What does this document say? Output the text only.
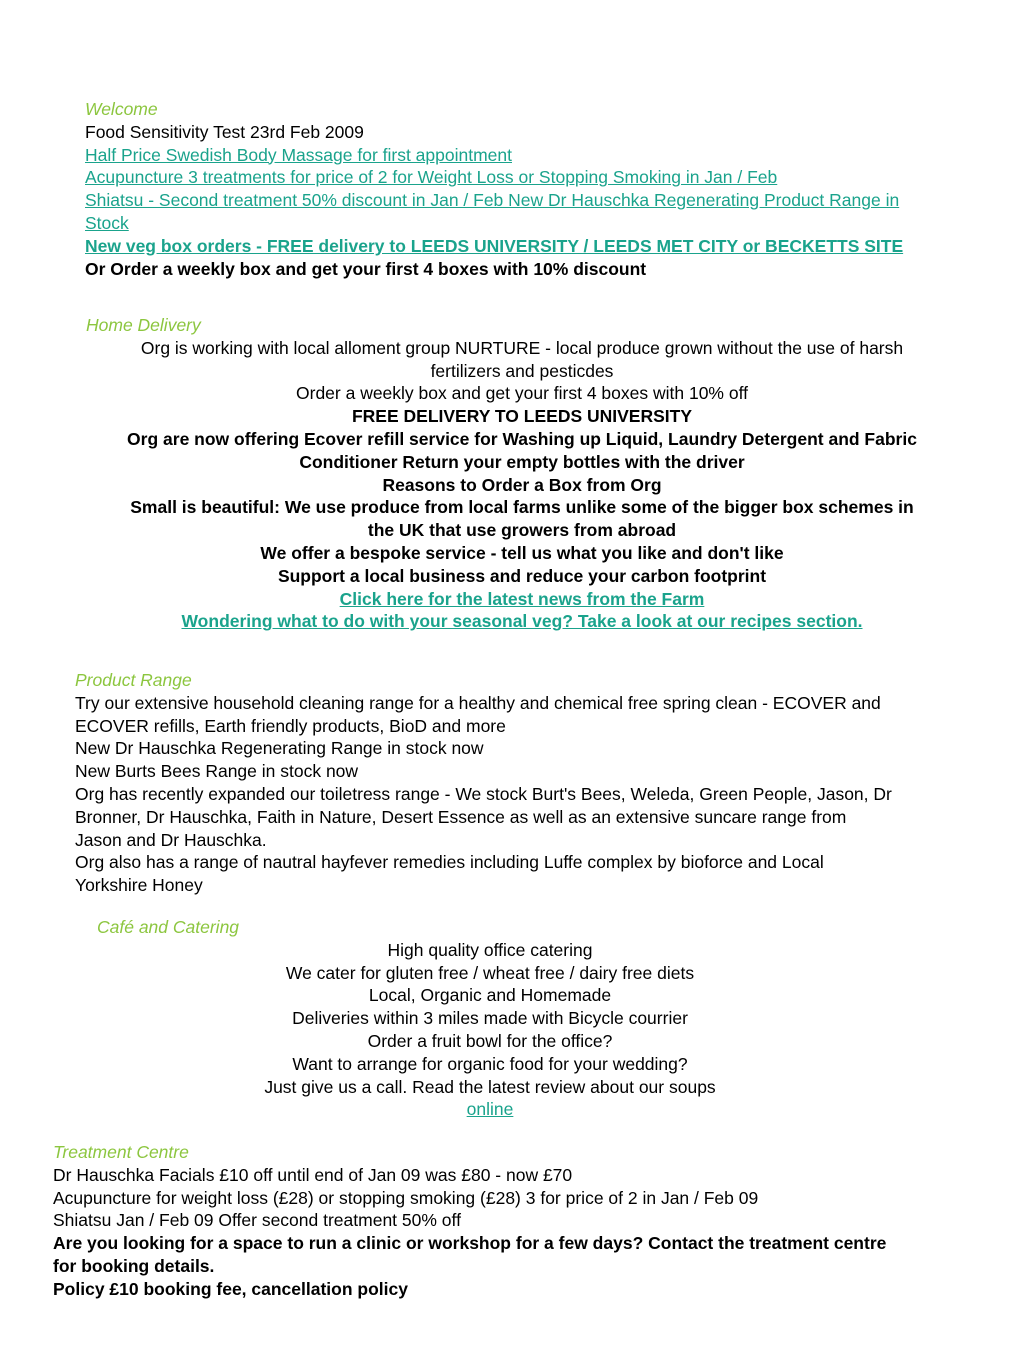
Welcome
Food Sensitivity Test 23rd Feb 2009
Half Price Swedish Body Massage for first appointment
Acupuncture 3 treatments for price of 2 for Weight Loss or Stopping Smoking in Jan / Feb
Shiatsu - Second treatment 50% discount in Jan / Feb New Dr Hauschka Regenerating Product Range in
Stock
New veg box orders - FREE delivery to LEEDS UNIVERSITY / LEEDS MET CITY or BECKETTS SITE
Or Order a weekly box and get your first 4 boxes with 10% discount
Home Delivery
Org is working with local alloment group NURTURE - local produce grown without the use of harsh
fertilizers and pesticdes
Order a weekly box and get your first 4 boxes with 10% off
FREE DELIVERY TO LEEDS UNIVERSITY
Org are now offering Ecover refill service for Washing up Liquid, Laundry Detergent and Fabric
Conditioner Return your empty bottles with the driver
Reasons to Order a Box from Org
Small is beautiful: We use produce from local farms unlike some of the bigger box schemes in
the UK that use growers from abroad
We offer a bespoke service - tell us what you like and don't like
Support a local business and reduce your carbon footprint
Click here for the latest news from the Farm
Wondering what to do with your seasonal veg? Take a look at our recipes section.
Product Range
Try our extensive household cleaning range for a healthy and chemical free spring clean - ECOVER and
ECOVER refills, Earth friendly products, BioD and more
New Dr Hauschka Regenerating Range in stock now
New Burts Bees Range in stock now
Org has recently expanded our toiletress range - We stock Burt's Bees, Weleda, Green People, Jason, Dr
Bronner, Dr Hauschka, Faith in Nature, Desert Essence as well as an extensive suncare range from
Jason and Dr Hauschka.
Org also has a range of nautral hayfever remedies including Luffe complex by bioforce and Local
Yorkshire Honey
Café and Catering
High quality office catering
We cater for gluten free / wheat free / dairy free diets
Local, Organic and Homemade
Deliveries within 3 miles made with Bicycle courrier
Order a fruit bowl for the office?
Want to arrange for organic food for your wedding?
Just give us a call. Read the latest review about our soups
online
Treatment Centre
Dr Hauschka Facials £10 off until end of Jan 09 was £80 - now £70
Acupuncture for weight loss (£28) or stopping smoking (£28) 3 for price of 2 in Jan / Feb 09
Shiatsu Jan / Feb 09 Offer second treatment 50% off
Are you looking for a space to run a clinic or workshop for a few days? Contact the treatment centre
for booking details.
Policy £10 booking fee, cancellation policy
